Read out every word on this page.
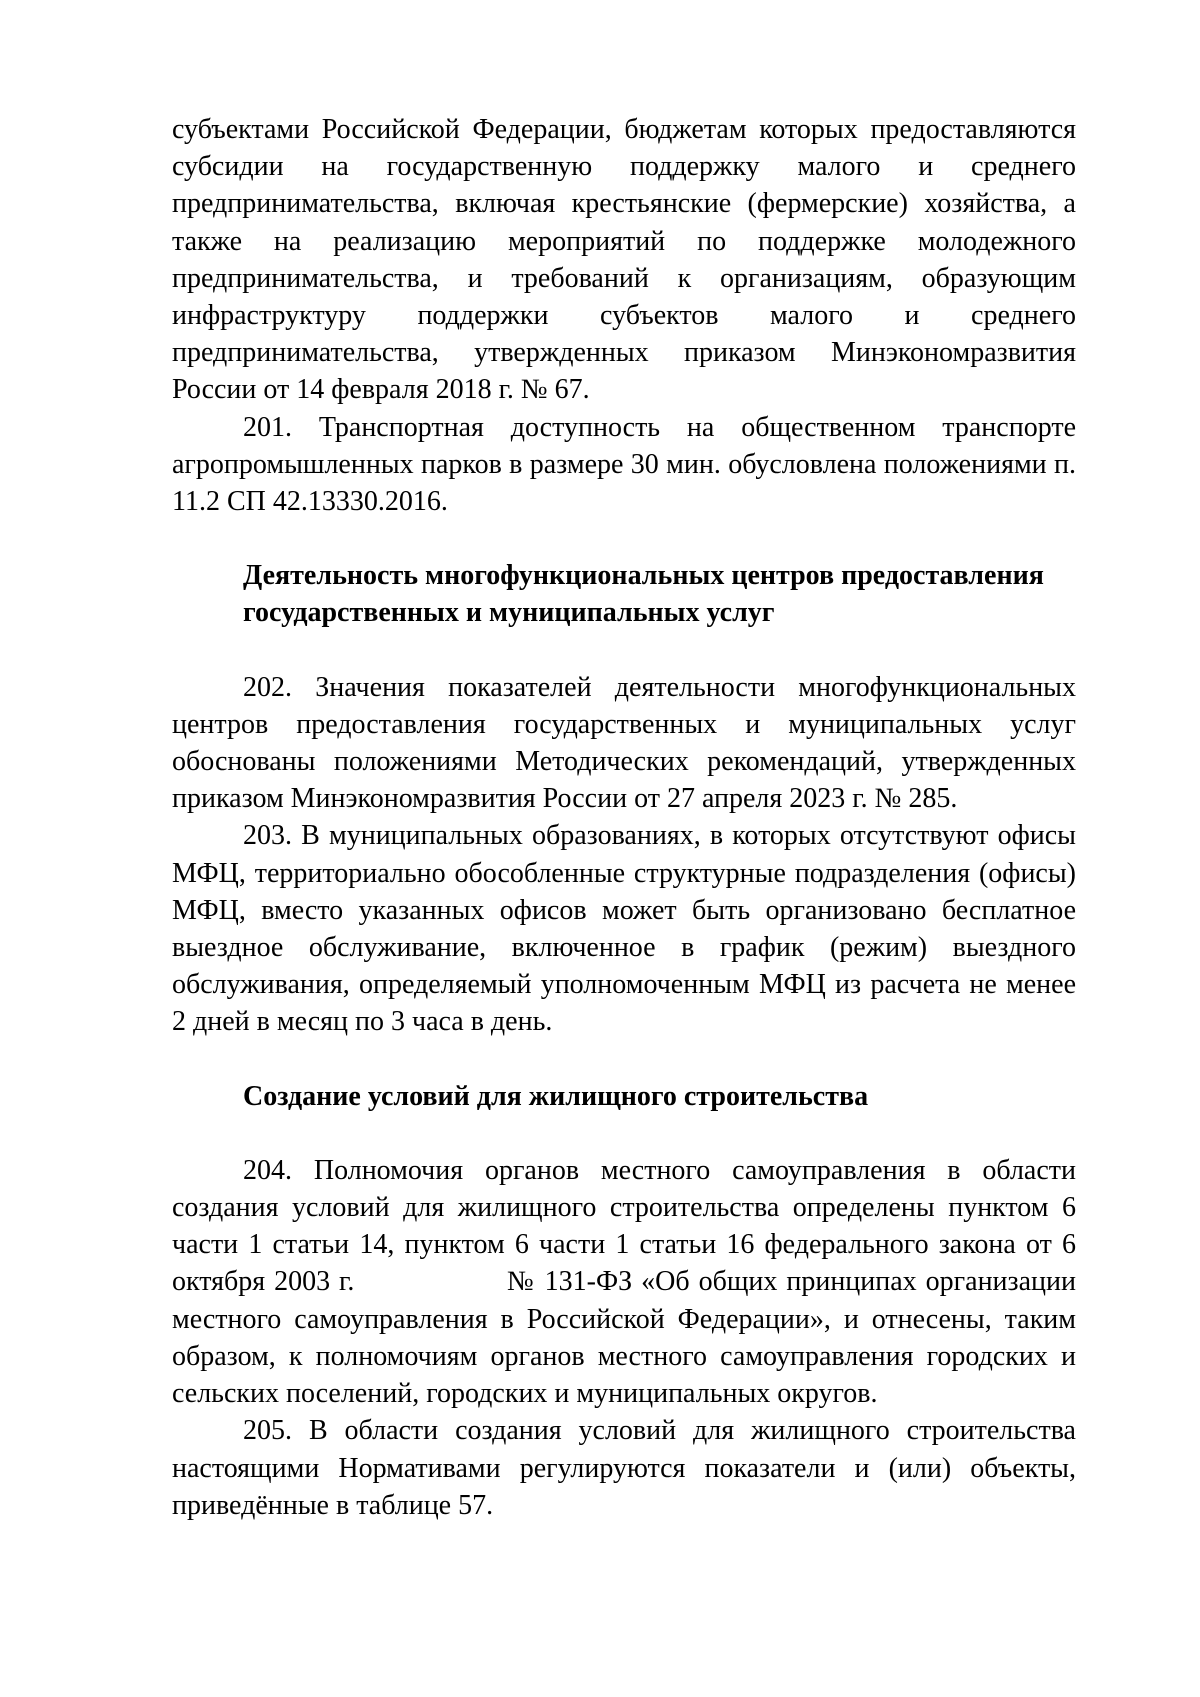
субъектами Российской Федерации, бюджетам которых предоставляются субсидии на государственную поддержку малого и среднего предпринимательства, включая крестьянские (фермерские) хозяйства, а также на реализацию мероприятий по поддержке молодежного предпринимательства, и требований к организациям, образующим инфраструктуру поддержки субъектов малого и среднего предпринимательства, утвержденных приказом Минэкономразвития России от 14 февраля 2018 г. № 67.

201. Транспортная доступность на общественном транспорте агропромышленных парков в размере 30 мин. обусловлена положениями п. 11.2 СП 42.13330.2016.

Деятельность многофункциональных центров предоставления государственных и муниципальных услуг

202. Значения показателей деятельности многофункциональных центров предоставления государственных и муниципальных услуг обоснованы положениями Методических рекомендаций, утвержденных приказом Минэкономразвития России от 27 апреля 2023 г. № 285.

203. В муниципальных образованиях, в которых отсутствуют офисы МФЦ, территориально обособленные структурные подразделения (офисы) МФЦ, вместо указанных офисов может быть организовано бесплатное выездное обслуживание, включенное в график (режим) выездного обслуживания, определяемый уполномоченным МФЦ из расчета не менее 2 дней в месяц по 3 часа в день.

Создание условий для жилищного строительства

204. Полномочия органов местного самоуправления в области создания условий для жилищного строительства определены пунктом 6 части 1 статьи 14, пунктом 6 части 1 статьи 16 федерального закона от 6 октября 2003 г.                 № 131-ФЗ «Об общих принципах организации местного самоуправления в Российской Федерации», и отнесены, таким образом, к полномочиям органов местного самоуправления городских и сельских поселений, городских и муниципальных округов.

205. В области создания условий для жилищного строительства настоящими Нормативами регулируются показатели и (или) объекты, приведённые в таблице 57.
